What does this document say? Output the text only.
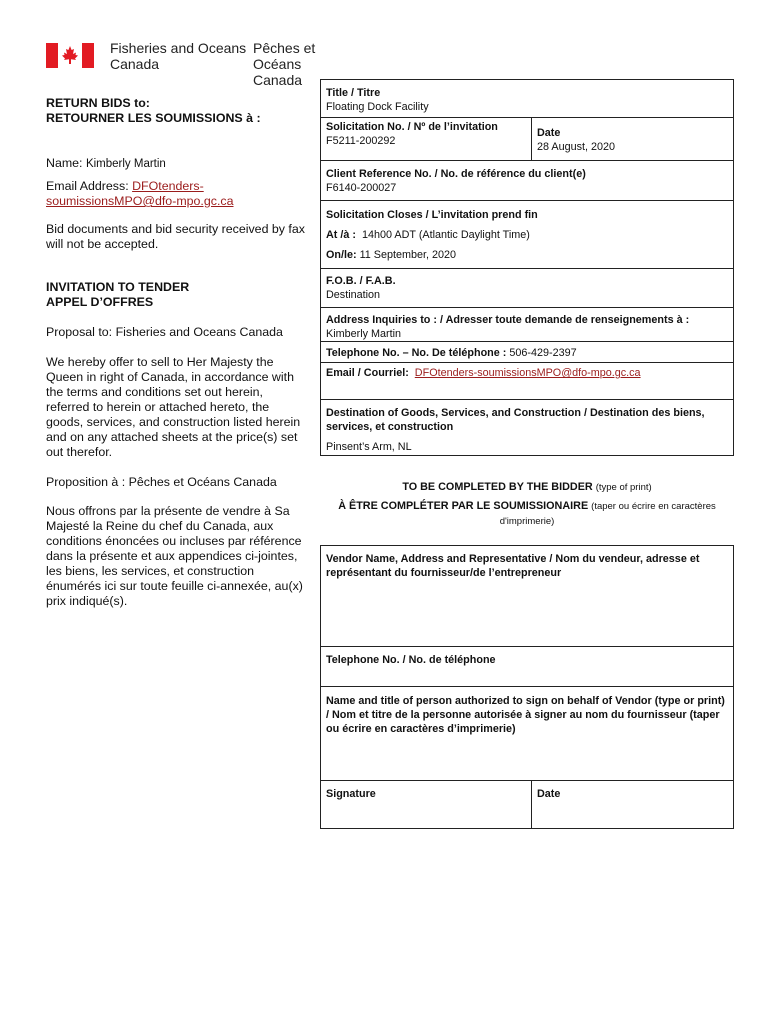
Fisheries and Oceans
Canada
Pêches et Océans
Canada
RETURN BIDS to:
RETOURNER LES SOUMISSIONS à :
Name: Kimberly Martin
Email Address: DFOtenders-
soumissionsMPO@dfo-mpo.gc.ca
Bid documents and bid security received by fax will not be accepted.
INVITATION TO TENDER
APPEL D’OFFRES
Proposal to: Fisheries and Oceans Canada
We hereby offer to sell to Her Majesty the Queen in right of Canada, in accordance with the terms and conditions set out herein, referred to herein or attached hereto, the goods, services, and construction listed herein and on any attached sheets at the price(s) set out therefor.
Proposition à : Pêches et Océans Canada
Nous offrons par la présente de vendre à Sa Majesté la Reine du chef du Canada, aux conditions énoncées ou incluses par référence dans la présente et aux appendices ci-jointes, les biens, les services, et construction énumérés ici sur toute feuille ci-annexée, au(x) prix indiqué(s).
Title / Titre
Floating Dock Facility
Solicitation No. / Nº de l’invitation
F5211-200292
Date
28 August, 2020
Client Reference No. / No. de référence du client(e)
F6140-200027
Solicitation Closes / L’invitation prend fin
At /à : 14h00 ADT (Atlantic Daylight Time)
On/le: 11 September, 2020
F.O.B. / F.A.B.
Destination
Address Inquiries to : / Adresser toute demande de renseignements à :
Kimberly Martin
Telephone No. – No. De téléphone : 506-429-2397
Email / Courriel: DFOtenders-soumissionsMPO@dfo-mpo.gc.ca
Destination of Goods, Services, and Construction / Destination des biens, services, et construction
Pinsent’s Arm, NL
TO BE COMPLETED BY THE BIDDER (type of print)
À ÊTRE COMPLÉTER PAR LE SOUMISSIONAIRE (taper ou écrire en caractères d'imprimerie)
Vendor Name, Address and Representative / Nom du vendeur, adresse et représentant du fournisseur/de l’entrepreneur
Telephone No. / No. de téléphone
Name and title of person authorized to sign on behalf of Vendor (type or print) / Nom et titre de la personne autorisée à signer au nom du fournisseur (taper ou écrire en caractères d’imprimerie)
Signature	Date
